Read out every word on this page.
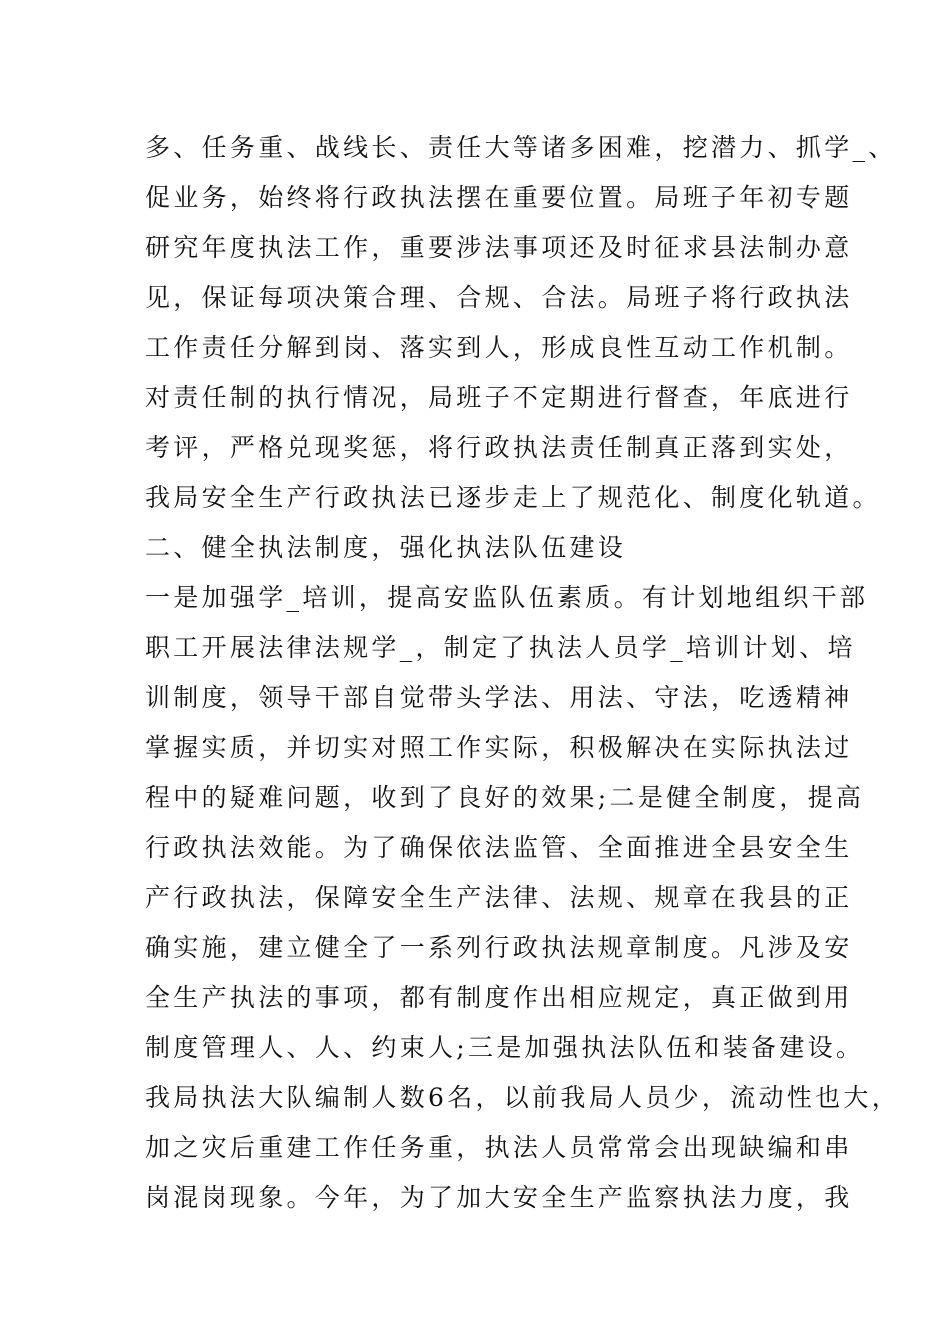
多、任务重、战线长、责任大等诸多困难，挖潜力、抓学_、
促业务，始终将行政执法摆在重要位置。局班子年初专题
研究年度执法工作，重要涉法事项还及时征求县法制办意
见，保证每项决策合理、合规、合法。局班子将行政执法
工作责任分解到岗、落实到人，形成良性互动工作机制。
对责任制的执行情况，局班子不定期进行督查，年底进行
考评，严格兑现奖惩，将行政执法责任制真正落到实处，
我局安全生产行政执法已逐步走上了规范化、制度化轨道。
二、健全执法制度，强化执法队伍建设
一是加强学_培训，提高安监队伍素质。有计划地组织干部
职工开展法律法规学_，制定了执法人员学_培训计划、培
训制度，领导干部自觉带头学法、用法、守法，吃透精神
掌握实质，并切实对照工作实际，积极解决在实际执法过
程中的疑难问题，收到了良好的效果;二是健全制度，提高
行政执法效能。为了确保依法监管、全面推进全县安全生
产行政执法，保障安全生产法律、法规、规章在我县的正
确实施，建立健全了一系列行政执法规章制度。凡涉及安
全生产执法的事项，都有制度作出相应规定，真正做到用
制度管理人、人、约束人;三是加强执法队伍和装备建设。
我局执法大队编制人数6名，以前我局人员少，流动性也大，
加之灾后重建工作任务重，执法人员常常会出现缺编和串
岗混岗现象。今年，为了加大安全生产监察执法力度，我
